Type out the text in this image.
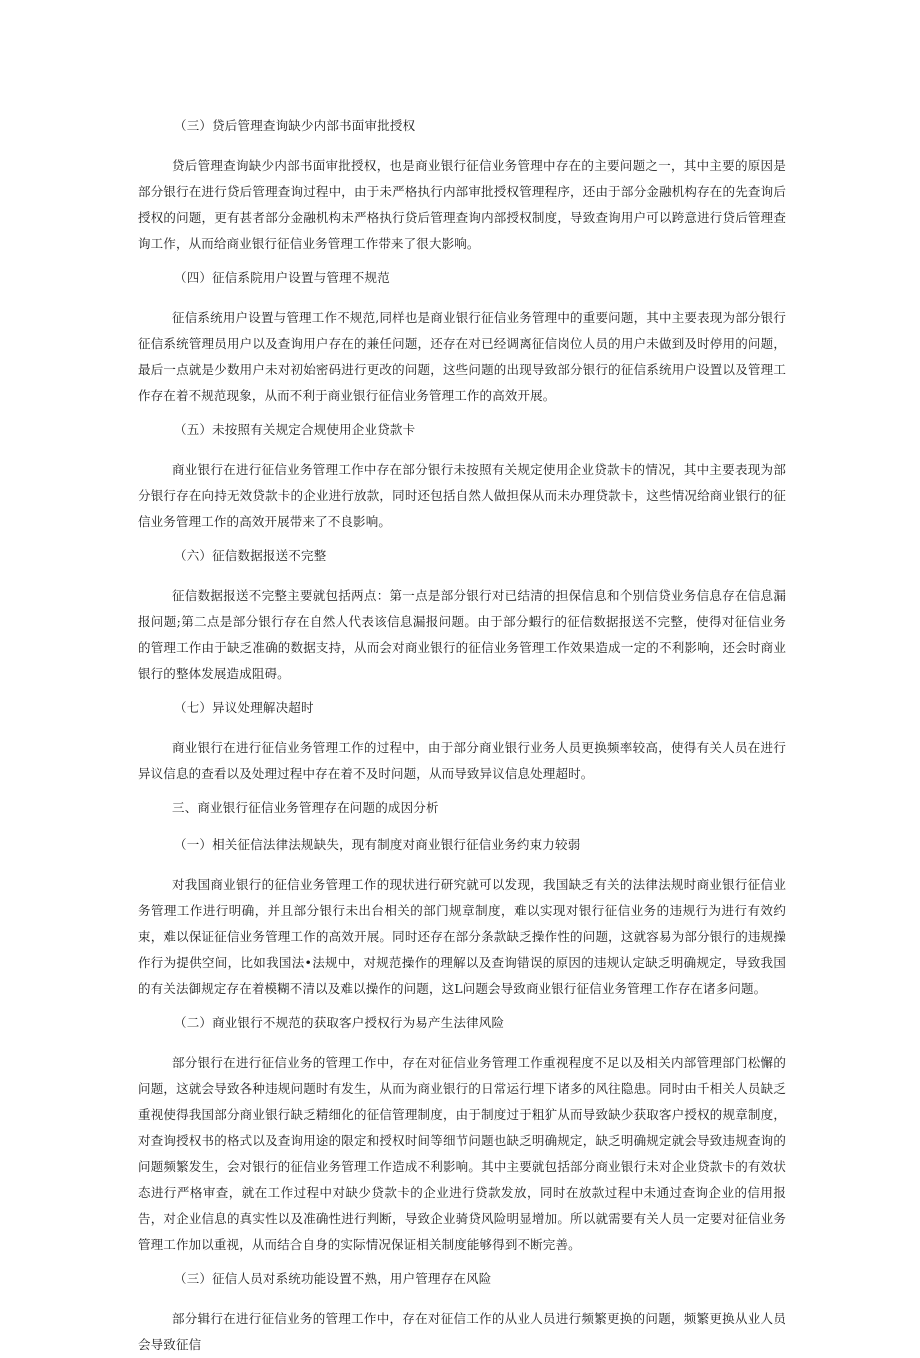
（三）贷后管理查询缺少内部书面审批授权
贷后管理查询缺少内部书面审批授权，也是商业银行征信业务管理中存在的主要问题之一，其中主要的原因是部分银行在进行贷后管理查询过程中，由于未严格执行内部审批授权管理程序，还由于部分金融机构存在的先查询后授权的问题，更有甚者部分金融机构未严格执行贷后管理查询内部授权制度，导致查询用户可以跨意进行贷后管理查询工作，从而给商业银行征信业务管理工作带来了很大影响。
（四）征信系院用户设置与管理不规范
征信系统用户设置与管理工作不规范,同样也是商业银行征信业务管理中的重要问题，其中主要表现为部分银行征信系统管理员用户以及查询用户存在的兼任问题，还存在对已经调离征信岗位人员的用户未做到及时停用的问题，最后一点就是少数用户未对初始密码进行更改的问题，这些问题的出现导致部分银行的征信系统用户设置以及管理工作存在着不规范现象，从而不利于商业银行征信业务管理工作的高效开展。
（五）未按照有关规定合规使用企业贷款卡
商业银行在进行征信业务管理工作中存在部分银行未按照有关规定使用企业贷款卡的情况，其中主要表现为部分银行存在向持无效贷款卡的企业进行放款，同时还包括自然人做担保从而未办理贷款卡，这些情况给商业银行的征信业务管理工作的高效开展带来了不良影响。
（六）征信数据报送不完整
征信数据报送不完整主要就包括两点：第一点是部分银行对已结清的担保信息和个别信贷业务信息存在信息漏报问题;第二点是部分银行存在自然人代表该信息漏报问题。由于部分蝦行的征信数据报送不完整，使得对征信业务的管理工作由于缺乏准确的数据支持，从而会对商业银行的征信业务管理工作效果造成一定的不利影响，还会时商业银行的整体发展造成阻碍。
（七）异议处理解决超时
商业银行在进行征信业务管理工作的过程中，由于部分商业银行业务人员更换频率较高，使得有关人员在进行异议信息的查看以及处理过程中存在着不及时问题，从而导致异议信息处理超时。
三、商业银行征信业务管理存在问题的成因分析
（一）相关征信法律法规缺失，现有制度对商业银行征信业务约束力较弱
对我国商业银行的征信业务管理工作的现状进行研究就可以发现，我国缺乏有关的法律法规时商业银行征信业务管理工作进行明确，并且部分银行未出台相关的部门规章制度，难以实现对银行征信业务的违规行为进行有效约束，难以保证征信业务管理工作的高效开展。同时还存在部分条款缺乏操作性的问题，这就容易为部分银行的违规操作行为提供空间，比如我国法•法规中，对规范操作的理解以及查询错误的原因的违规认定缺乏明确规定，导致我国的有关法御规定存在着模糊不清以及难以操作的问题，这L问题会导致商业银行征信业务管理工作存在诸多问题。
（二）商业银行不规范的获取客户授权行为易产生法律风险
部分银行在进行征信业务的管理工作中，存在对征信业务管理工作重视程度不足以及相关内部管理部门松懈的问题，这就会导致各种违规问题时有发生，从而为商业银行的日常运行埋下诸多的风往隐患。同时由千相关人员缺乏重视使得我国部分商业银行缺乏精细化的征信管理制度，由于制度过于粗犷从而导致缺少获取客户授权的规章制度，对查询授权书的格式以及查询用途的限定和授权时间等细节问题也缺乏明确规定，缺乏明确规定就会导致违规查询的问题频繁发生，会对银行的征信业务管理工作造成不利影响。其中主要就包括部分商业银行未对企业贷款卡的有效状态进行严格审查，就在工作过程中对缺少贷款卡的企业进行贷款发放，同时在放款过程中未通过查询企业的信用报告，对企业信息的真实性以及准确性进行判断，导致企业骑贷风险明显增加。所以就需要有关人员一定要对征信业务管理工作加以重视，从而结合自身的实际情况保证相关制度能够得到不断完善。
（三）征信人员对系统功能设置不熟，用户管理存在风险
部分辑行在进行征信业务的管理工作中，存在对征信工作的从业人员进行频繁更换的问题，频繁更换从业人员会导致征信
